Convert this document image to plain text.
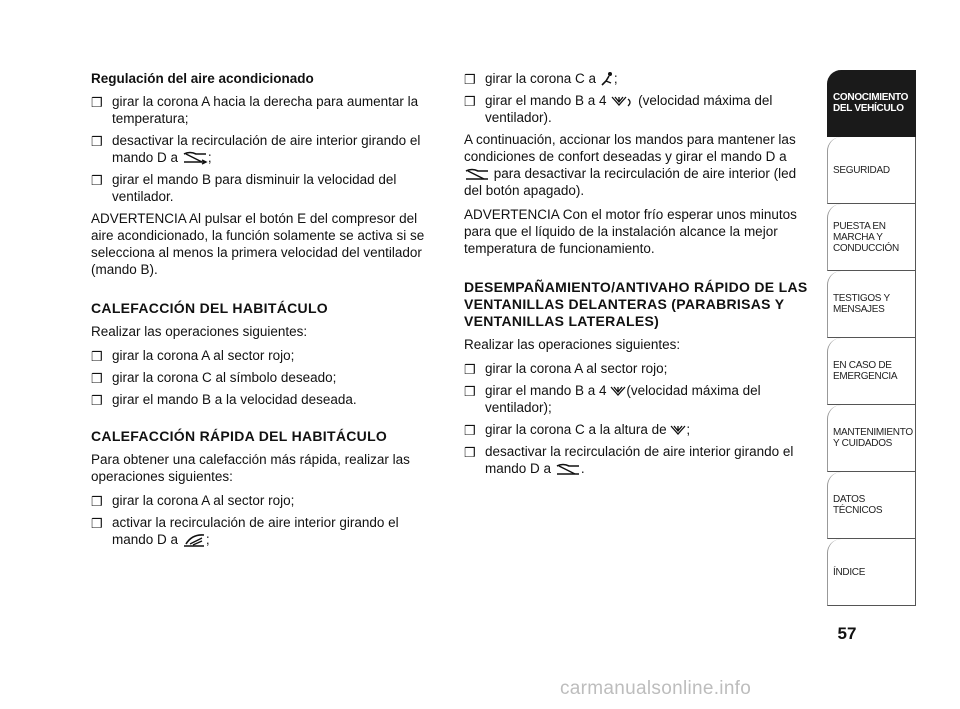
Regulación del aire acondicionado

❒ girar la corona A hacia la derecha para aumentar la temperatura;
❒ desactivar la recirculación de aire interior girando el mando D a ;
❒ girar el mando B para disminuir la velocidad del ventilador.

ADVERTENCIA Al pulsar el botón E del compresor del aire acondicionado, la función solamente se activa si se selecciona al menos la primera velocidad del ventilador (mando B).

CALEFACCIÓN DEL HABITÁCULO

Realizar las operaciones siguientes:

❒ girar la corona A al sector rojo;
❒ girar la corona C al símbolo deseado;
❒ girar el mando B a la velocidad deseada.

CALEFACCIÓN RÁPIDA DEL HABITÁCULO

Para obtener una calefacción más rápida, realizar las operaciones siguientes:

❒ girar la corona A al sector rojo;
❒ activar la recirculación de aire interior girando el mando D a ;
❒ girar la corona C a ;
❒ girar el mando B a 4 (velocidad máxima del ventilador).

A continuación, accionar los mandos para mantener las condiciones de confort deseadas y girar el mando D a
para desactivar la recirculación de aire interior (led del botón apagado).

ADVERTENCIA Con el motor frío esperar unos minutos para que el líquido de la instalación alcance la mejor temperatura de funcionamiento.

DESEMPAÑAMIENTO/ANTIVAHO RÁPIDO DE LAS VENTANILLAS DELANTERAS (PARABRISAS Y VENTANILLAS LATERALES)

Realizar las operaciones siguientes:

❒ girar la corona A al sector rojo;
❒ girar el mando B a 4 (velocidad máxima del ventilador);
❒ girar la corona C a la altura de ;
❒ desactivar la recirculación de aire interior girando el mando D a .
CONOCIMIENTO DEL VEHÍCULO
SEGURIDAD
PUESTA EN MARCHA Y CONDUCCIÓN
TESTIGOS Y MENSAJES
EN CASO DE EMERGENCIA
MANTENIMIENTO Y CUIDADOS
DATOS TÉCNICOS
ÍNDICE
57
carmanualsonline.info
